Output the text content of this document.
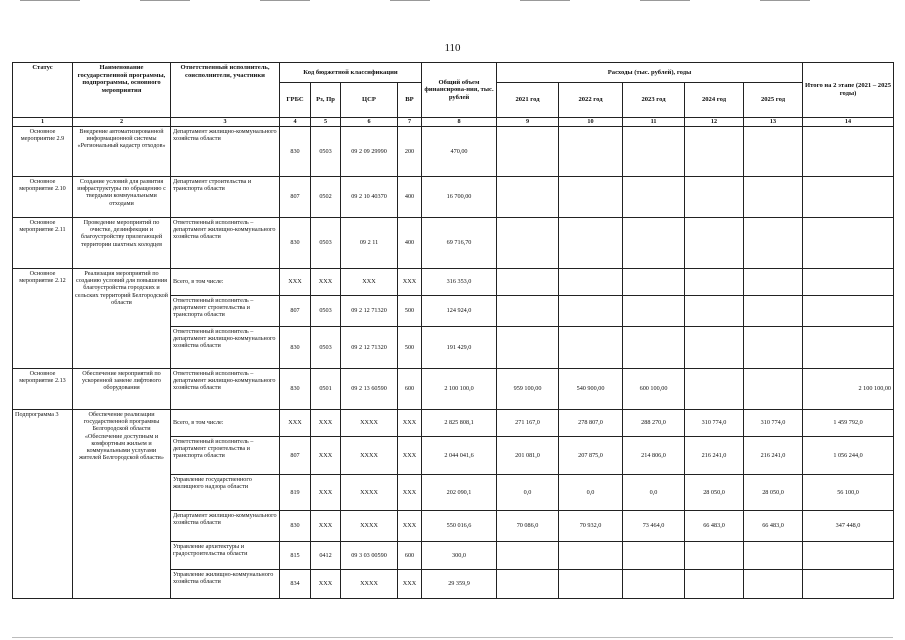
110
Статус	Наименование государственной программы, подпрограммы, основного мероприятия	Ответственный исполнитель, соисполнители, участники	Код бюджетной классификации				Общий объем финансирова-ния, тыс. рублей	Расходы (тыс. рублей), годы					Итого на 2 этапе (2021 – 2025 годы)
			ГРБС	Рз, Пр	ЦСР	ВР		2021 год	2022 год	2023 год	2024 год	2025 год	
1	2	3	4	5	6	7	8	9	10	11	12	13	14
Основное мероприятие 2.9	Внедрение автоматизированной информационной системы «Региональный кадастр отходов»	Департамент жилищно-коммунального хозяйства области	830	0503	09 2 09 29990	200	470,00						
Основное мероприятие 2.10	Создание условий для развития инфраструктуры по обращению с твердыми коммунальными отходами	Департамент строительства и транспорта области	807	0502	09 2 10 40370	400	16 700,00						
Основное мероприятие 2.11	Проведение мероприятий по очистке, дезинфекции и благоустройству прилегающей территории шахтных колодцев	Ответственный исполнитель – департамент жилищно-коммунального хозяйства области	830	0503	09 2 11	400	69 716,70						
Основное мероприятие 2.12	Реализация мероприятий по созданию условий для повышения благоустройства городских и сельских территорий Белгородской области	Всего, в том числе:	ХХХ	ХХХ	ХХХ	ХХХ	316 353,0						
		Ответственный исполнитель – департамент строительства и транспорта области	807	0503	09 2 12 71320	500	124 924,0						
		Ответственный исполнитель – департамент жилищно-коммунального хозяйства области	830	0503	09 2 12 71320	500	191 429,0						
Основное мероприятие 2.13	Обеспечение мероприятий по ускоренной замене лифтового оборудования	Ответственный исполнитель – департамент жилищно-коммунального хозяйства области	830	0501	09 2 13 60590	600	2 100 100,0	959 100,00	540 900,00	600 100,00			2 100 100,00
Подпрограмма 3	Обеспечение реализации государственной программы Белгородской области «Обеспечение доступным и комфортным жильем и коммунальными услугами жителей Белгородской области»	Всего, в том числе:	ХХХ	ХХХ	ХХХХ	ХХХ	2 825 808,1	271 167,0	278 807,0	288 270,0	310 774,0	310 774,0	1 459 792,0
		Ответственный исполнитель – департамент строительства и транспорта области	807	ХХХ	ХХХХ	ХХХ	2 044 041,6	201 081,0	207 875,0	214 806,0	216 241,0	216 241,0	1 056 244,0
		Управление государственного жилищного надзора области	819	ХХХ	ХХХХ	ХХХ	202 090,1	0,0	0,0	0,0	28 050,0	28 050,0	56 100,0
		Департамент жилищно-коммунального хозяйства области	830	ХХХ	ХХХХ	ХХХ	550 016,6	70 086,0	70 932,0	73 464,0	66 483,0	66 483,0	347 448,0
		Управление архитектуры и градостроительства области	815	0412	09 3 03 00590	600	300,0						
		Управление жилищно-коммунального хозяйства области	834	ХХХ	ХХХХ	ХХХ	29 359,9						
